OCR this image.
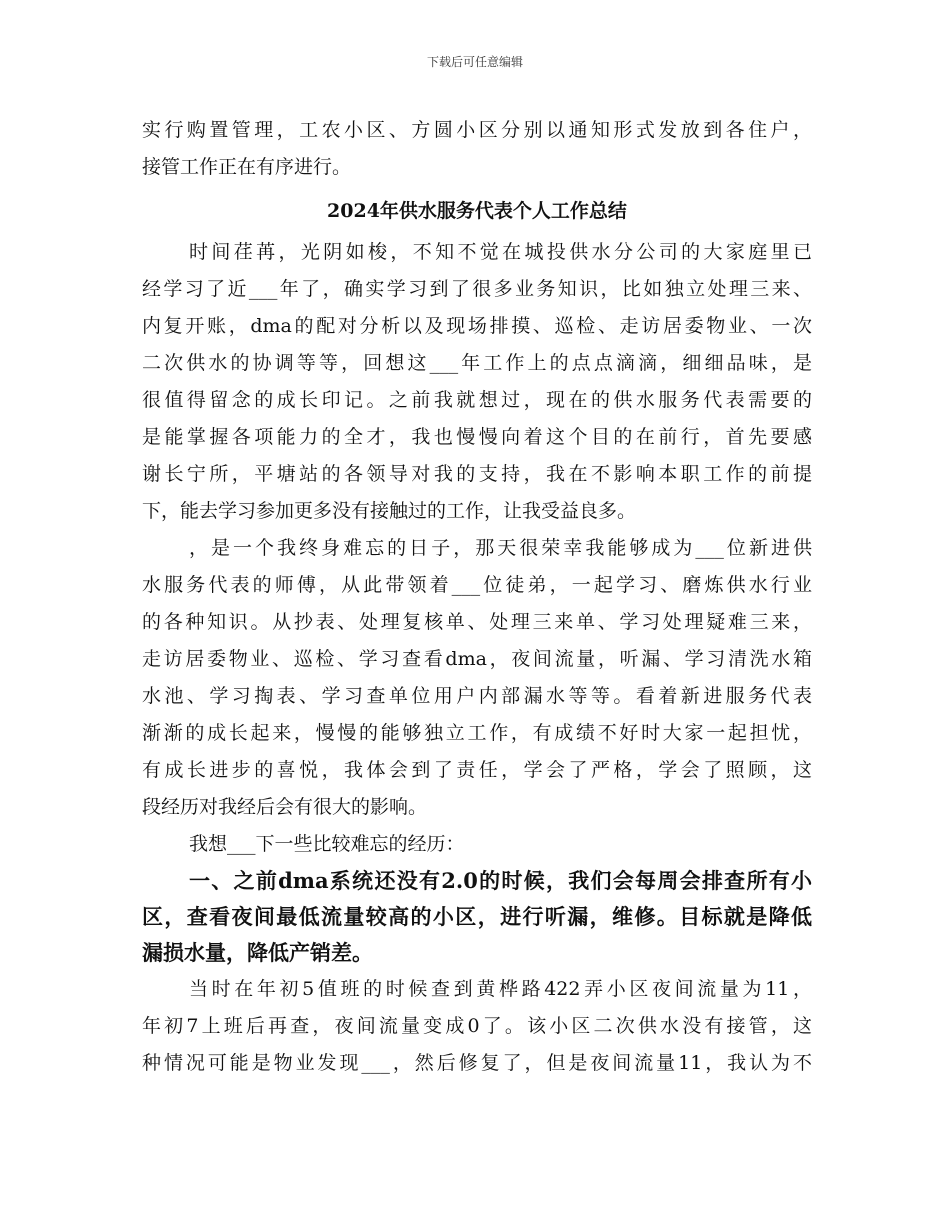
下载后可任意编辑
实行购置管理，工农小区、方圆小区分别以通知形式发放到各住户，
接管工作正在有序进行。
2024年供水服务代表个人工作总结
时间荏苒，光阴如梭，不知不觉在城投供水分公司的大家庭里已
经学习了近___年了，确实学习到了很多业务知识，比如独立处理三来、
内复开账，dma的配对分析以及现场排摸、巡检、走访居委物业、一次
二次供水的协调等等，回想这___年工作上的点点滴滴，细细品味，是
很值得留念的成长印记。之前我就想过，现在的供水服务代表需要的
是能掌握各项能力的全才，我也慢慢向着这个目的在前行，首先要感
谢长宁所，平塘站的各领导对我的支持，我在不影响本职工作的前提
下，能去学习参加更多没有接触过的工作，让我受益良多。
，是一个我终身难忘的日子，那天很荣幸我能够成为___位新进供
水服务代表的师傅，从此带领着___位徒弟，一起学习、磨炼供水行业
的各种知识。从抄表、处理复核单、处理三来单、学习处理疑难三来，
走访居委物业、巡检、学习查看dma，夜间流量，听漏、学习清洗水箱
水池、学习掏表、学习查单位用户内部漏水等等。看着新进服务代表
渐渐的成长起来，慢慢的能够独立工作，有成绩不好时大家一起担忧，
有成长进步的喜悦，我体会到了责任，学会了严格，学会了照顾，这
段经历对我经后会有很大的影响。
我想___下一些比较难忘的经历：
一、之前dma系统还没有2.0的时候，我们会每周会排查所有小
区，查看夜间最低流量较高的小区，进行听漏，维修。目标就是降低
漏损水量，降低产销差。
当时在年初5值班的时候查到黄桦路422弄小区夜间流量为11，
年初7上班后再查，夜间流量变成0了。该小区二次供水没有接管，这
种情况可能是物业发现___，然后修复了，但是夜间流量11，我认为不
